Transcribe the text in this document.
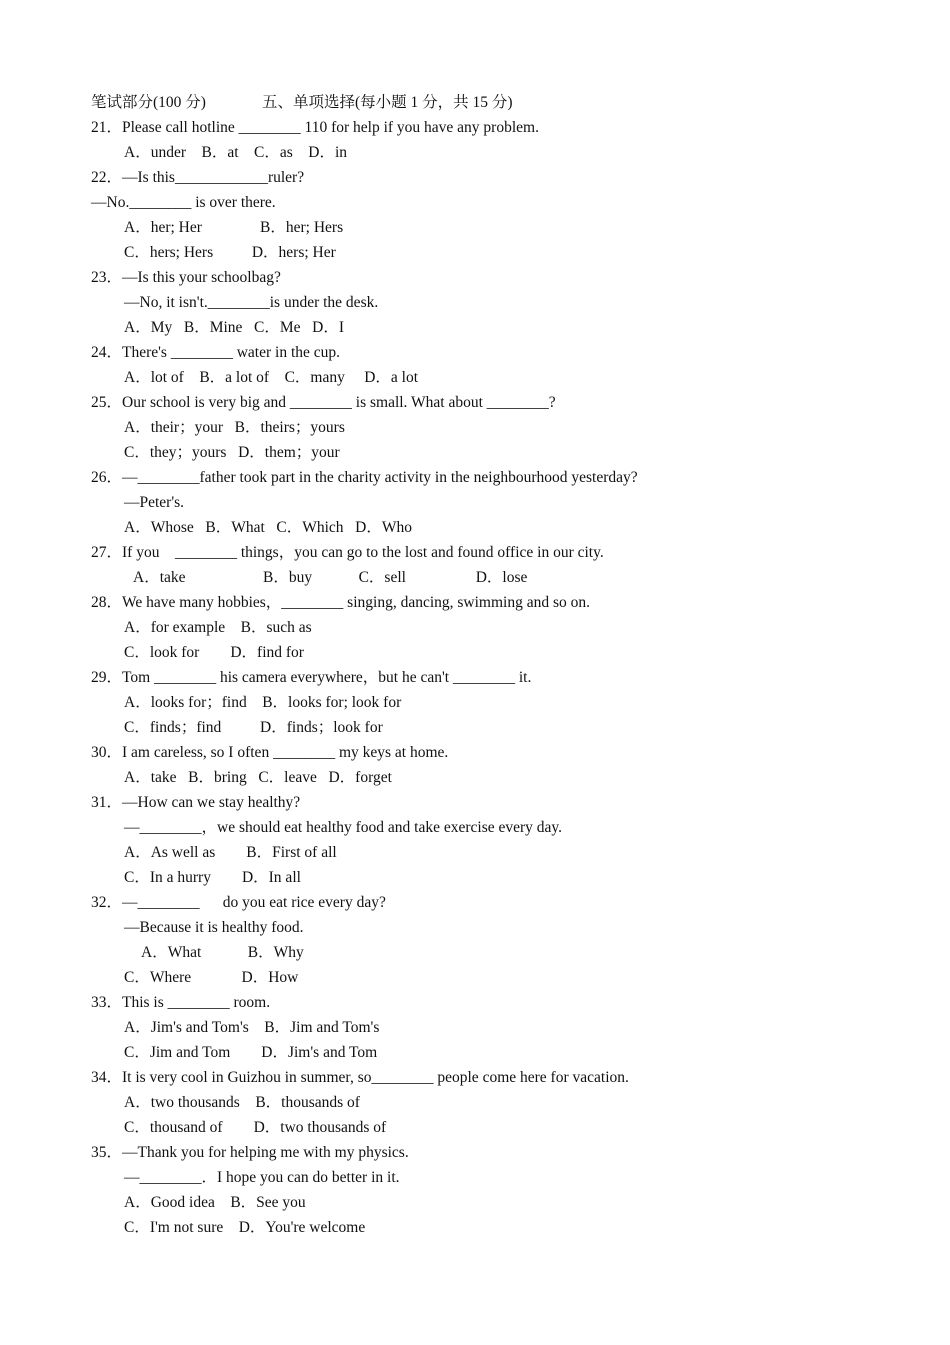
笔试部分(100 分)	五、单项选择(每小题 1 分，共 15 分)
21．Please call hotline ________ 110 for help if you have any problem.
A．under    B．at    C．as    D．in
22．—Is this____________ruler?
—No.________ is over there.
A．her; Her               B．her; Hers
C．hers; Hers          D．hers; Her
23．—Is this your schoolbag?
—No, it isn't.________is under the desk.
A．My   B．Mine   C．Me   D．I
24．There's ________ water in the cup.
A．lot of    B．a lot of    C．many     D．a lot
25．Our school is very big and ________ is small. What about ________?
A．their；your   B．theirs；yours
C．they；yours   D．them；your
26．—________father took part in the charity activity in the neighbourhood yesterday?
—Peter's.
A．Whose   B．What   C．Which   D．Who
27．If you    ________ things，you can go to the lost and found office in our city.
A．take                    B．buy            C．sell                  D．lose
28．We have many hobbies，________ singing, dancing, swimming and so on.
A．for example    B．such as
C．look for        D．find for
29．Tom ________ his camera everywhere，but he can't ________ it.
A．looks for；find    B．looks for; look for
C．finds；find          D．finds；look for
30．I am careless, so I often ________ my keys at home.
A．take   B．bring   C．leave   D．forget
31．—How can we stay healthy?
—________，we should eat healthy food and take exercise every day.
A．As well as        B．First of all
C．In a hurry        D．In all
32．—________      do you eat rice every day?
—Because it is healthy food.
A．What            B．Why
C．Where             D．How
33．This is ________ room.
A．Jim's and Tom's    B．Jim and Tom's
C．Jim and Tom        D．Jim's and Tom
34．It is very cool in Guizhou in summer, so________ people come here for vacation.
A．two thousands    B．thousands of
C．thousand of        D．two thousands of
35．—Thank you for helping me with my physics.
—________．I hope you can do better in it.
A．Good idea    B．See you
C．I'm not sure    D．You're welcome
